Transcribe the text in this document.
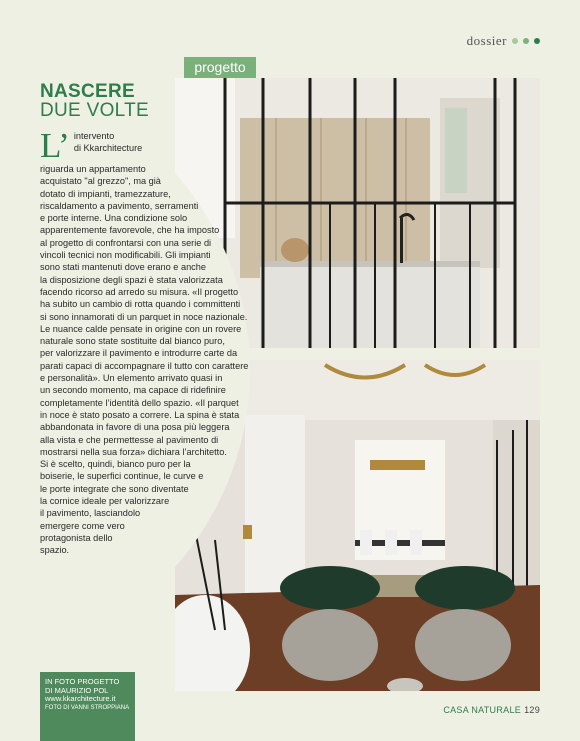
dossier
progetto
NASCERE
DUE VOLTE
L’ intervento
di Kkarchitecture
riguarda un appartamento
acquistato "al grezzo", ma già
dotato di impianti, tramezzature,
riscaldamento a pavimento, serramenti
e porte interne. Una condizione solo
apparentemente favorevole, che ha imposto
al progetto di confrontarsi con una serie di
vincoli tecnici non modificabili. Gli impianti
sono stati mantenuti dove erano e anche
la disposizione degli spazi è stata valorizzata
facendo ricorso ad arredo su misura. «Il progetto
ha subito un cambio di rotta quando i committenti
si sono innamorati di un parquet in noce nazionale.
Le nuance calde pensate in origine con un rovere
naturale sono state sostituite dal bianco puro,
per valorizzare il pavimento e introdurre carte da
parati capaci di accompagnare il tutto con carattere
e personalità». Un elemento arrivato quasi in
un secondo momento, ma capace di ridefinire
completamente l’identità dello spazio. «Il parquet
in noce è stato posato a correre. La spina è stata
abbandonata in favore di una posa più leggera
alla vista e che permettesse al pavimento di
mostrarsi nella sua forza» dichiara l’architetto.
Si è scelto, quindi, bianco puro per la
boiserie, le superfici continue, le curve e
le porte integrate che sono diventate
la cornice ideale per valorizzare
il pavimento, lasciandolo
emergere come vero
protagonista dello
spazio.
IN FOTO PROGETTO
DI MAURIZIO POL
www.kkarchitecture.it
FOTO DI VANNI STROPPIANA	CASA NATURALE 129
